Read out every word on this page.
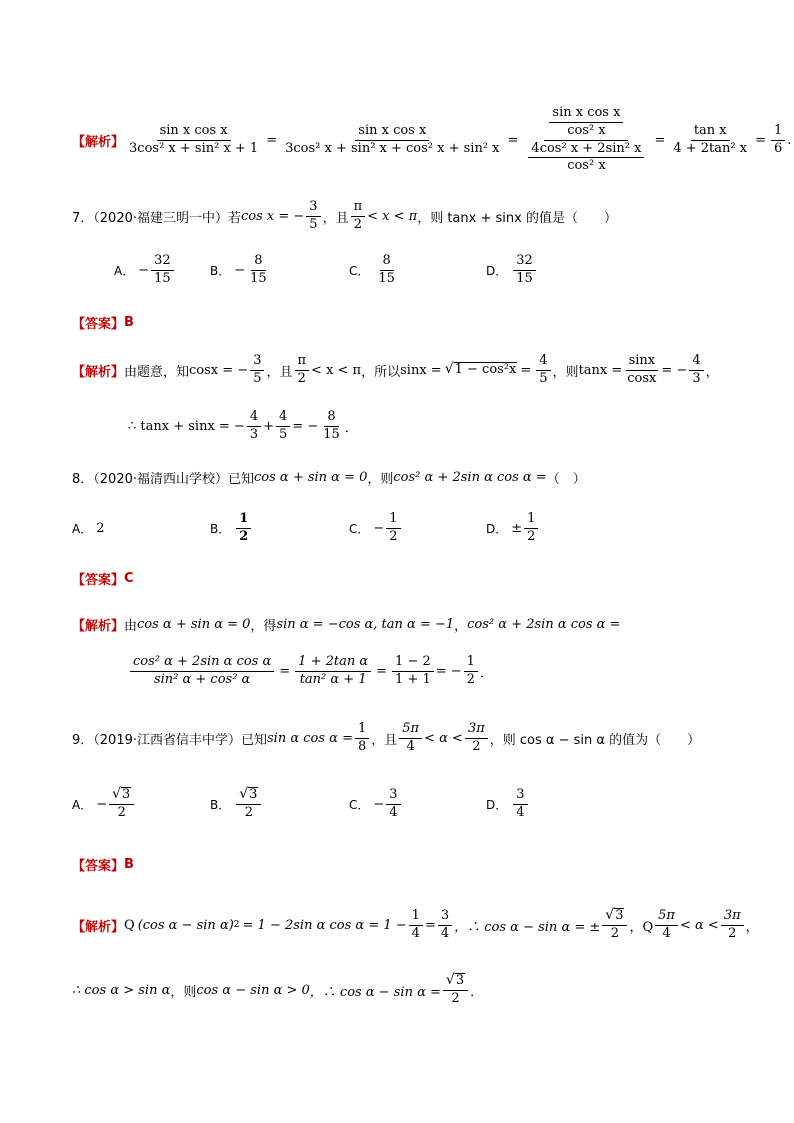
【解析】 $\frac{\text{sin x cos x}}{\text{3cos² x + sin² x + 1}} = \frac{\text{sin x cos x}}{\text{3cos² x + sin² x + cos² x + sin² x}} = \frac{\frac{\text{sin x cos x}}{\text{cos² x}}}{\frac{\text{4cos² x + 2sin² x}}{\text{cos² x}}} = \frac{\text{tan x}}{\text{4 + 2tan² x}} = \frac{1}{6}$ .
7．（2020·福建三明一中）若 cos x = − $\frac{3}{5}$ ，且 $\frac{\pi}{2} < x < \pi$ ，则 tanx + sinx 的值是（　　）
A． − $\frac{32}{15}$	B． − $\frac{8}{15}$	C． $\frac{8}{15}$	D． $\frac{32}{15}$
【答案】 B
【解析】 由题意，知 cosx = − $\frac{3}{5}$ ，且 $\frac{\pi}{2} < x < \pi$ ，所以 sinx = √ $1 - \cos^2x = \frac{4}{5}$ ，则 $\tan x = \frac{\sin x}{\cos x}$ = − $\frac{4}{3}$ ，
∴ tanx + sinx = − $\frac{4}{3} + \frac{4}{5}$ = − $\frac{8}{15}$ ．
8．（2020·福清西山学校）已知 cos α + sin α = 0 ，则 cos² α + 2sin α cos α = （　）
A． 2	B． $\frac{1}{2}$	C． − $\frac{1}{2}$	D． ± $\frac{1}{2}$
【答案】 C
【解析】 由 cos α + sin α = 0 ，得 sin α = −cos α, tan α = −1 ， cos² α + 2sin α cos α =
$\frac{\text{cos² α + 2sin α cos α}}{\text{sin² α + cos² α}} = \frac{\text{1 + 2tan α}}{\text{tan² α + 1}} = \frac{1 - 2}{1 + 1}$ = − $\frac{1}{2}$ ．
9．（2019·江西省信丰中学）已知 sin α $\cos \alpha = \frac{1}{8}$ ，且 $\frac{5\pi}{4} < \alpha < \frac{3\pi}{2}$ ，则 cos α − sin α 的值为（　　）
A． − $\frac{√ 3}{2}$	B． $\frac{√ 3}{2}$	C． − $\frac{3}{4}$	D． $\frac{3}{4}$
【答案】 B
【解析】 Q (cos α − sin α) 2 = 1 − 2sin α $\cos \alpha = 1 - \frac{1}{4} = \frac{3}{4}$ ，∴ cos α − sin α = ± $\frac{√ 3}{2}$ ，Q $\frac{5\pi}{4} < \alpha < \frac{3\pi}{2}$ ，
∴ cos α > sin α ，则 cos α − sin α > 0 ，∴ $\cos \alpha - \sin \alpha = \frac{√ 3}{2}$ ．
